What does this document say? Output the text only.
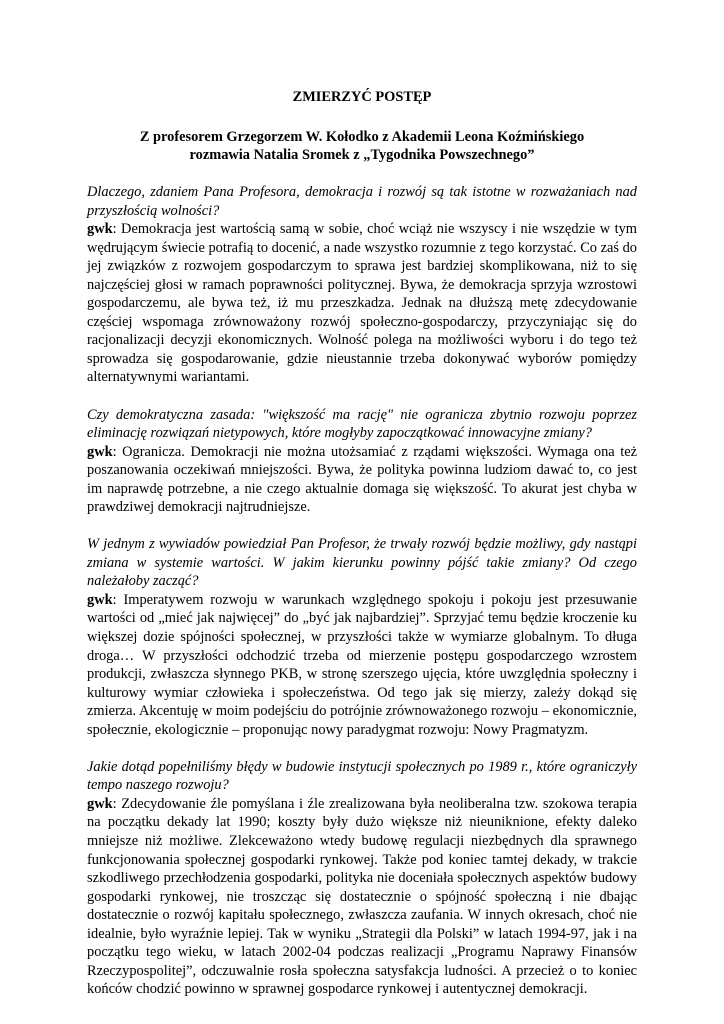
ZMIERZYĆ POSTĘP
Z profesorem Grzegorzem W. Kołodko z Akademii Leona Koźmińskiego
rozmawia Natalia Sromek z „Tygodnika Powszechnego”

Dlaczego, zdaniem Pana Profesora, demokracja i rozwój są tak istotne w rozważaniach nad przyszłością wolności?

gwk: Demokracja jest wartością samą w sobie, choć wciąż nie wszyscy i nie wszędzie w tym wędrującym świecie potrafią to docenić, a nade wszystko rozumnie z tego korzystać. Co zaś do jej związków z rozwojem gospodarczym to sprawa jest bardziej skomplikowana, niż to się najczęściej głosi w ramach poprawności politycznej. Bywa, że demokracja sprzyja wzrostowi gospodarczemu, ale bywa też, iż mu przeszkadza. Jednak na dłuższą metę zdecydowanie częściej wspomaga zrównoważony rozwój społeczno-gospodarczy, przyczyniając się do racjonalizacji decyzji ekonomicznych. Wolność polega na możliwości wyboru i do tego też sprowadza się gospodarowanie, gdzie nieustannie trzeba dokonywać wyborów pomiędzy alternatywnymi wariantami.

Czy demokratyczna zasada: "większość ma rację" nie ogranicza zbytnio rozwoju poprzez eliminację rozwiązań nietypowych, które mogłyby zapoczątkować innowacyjne zmiany?

gwk: Ogranicza. Demokracji nie można utożsamiać z rządami większości. Wymaga ona też poszanowania oczekiwań mniejszości. Bywa, że polityka powinna ludziom dawać to, co jest im naprawdę potrzebne, a nie czego aktualnie domaga się większość. To akurat jest chyba w prawdziwej demokracji najtrudniejsze.

W jednym z wywiadów powiedział Pan Profesor, że trwały rozwój będzie możliwy, gdy nastąpi zmiana w systemie wartości. W jakim kierunku powinny pójść takie zmiany? Od czego należałoby zacząć?

gwk: Imperatywem rozwoju w warunkach względnego spokoju i pokoju jest przesuwanie wartości od „mieć jak najwięcej” do „być jak najbardziej”. Sprzyjać temu będzie kroczenie ku większej dozie spójności społecznej, w przyszłości także w wymiarze globalnym. To długa droga… W przyszłości odchodzić trzeba od mierzenie postępu gospodarczego wzrostem produkcji, zwłaszcza słynnego PKB, w stronę szerszego ujęcia, które uwzględnia społeczny i kulturowy wymiar człowieka i społeczeństwa. Od tego jak się mierzy, zależy dokąd się zmierza. Akcentuję w moim podejściu do potrójnie zrównoważonego rozwoju – ekonomicznie, społecznie, ekologicznie – proponując nowy paradygmat rozwoju: Nowy Pragmatyzm.

Jakie dotąd popełniliśmy błędy w budowie instytucji społecznych po 1989 r., które ograniczyły tempo naszego rozwoju?

gwk: Zdecydowanie źle pomyślana i źle zrealizowana była neoliberalna tzw. szokowa terapia na początku dekady lat 1990; koszty były dużo większe niż nieuniknione, efekty daleko mniejsze niż możliwe. Zlekceważono wtedy budowę regulacji niezbędnych dla sprawnego funkcjonowania społecznej gospodarki rynkowej. Także pod koniec tamtej dekady, w trakcie szkodliwego przechłodzenia gospodarki, polityka nie doceniała społecznych aspektów budowy gospodarki rynkowej, nie troszcząc się dostatecznie o spójność społeczną i nie dbając dostatecznie o rozwój kapitału społecznego, zwłaszcza zaufania. W innych okresach, choć nie idealnie, było wyraźnie lepiej. Tak w wyniku „Strategii dla Polski” w latach 1994-97, jak i na początku tego wieku, w latach 2002-04 podczas realizacji „Programu Naprawy Finansów Rzeczypospolitej”, odczuwalnie rosła społeczna satysfakcja ludności. A przecież o to koniec końców chodzić powinno w sprawnej gospodarce rynkowej i autentycznej demokracji.
